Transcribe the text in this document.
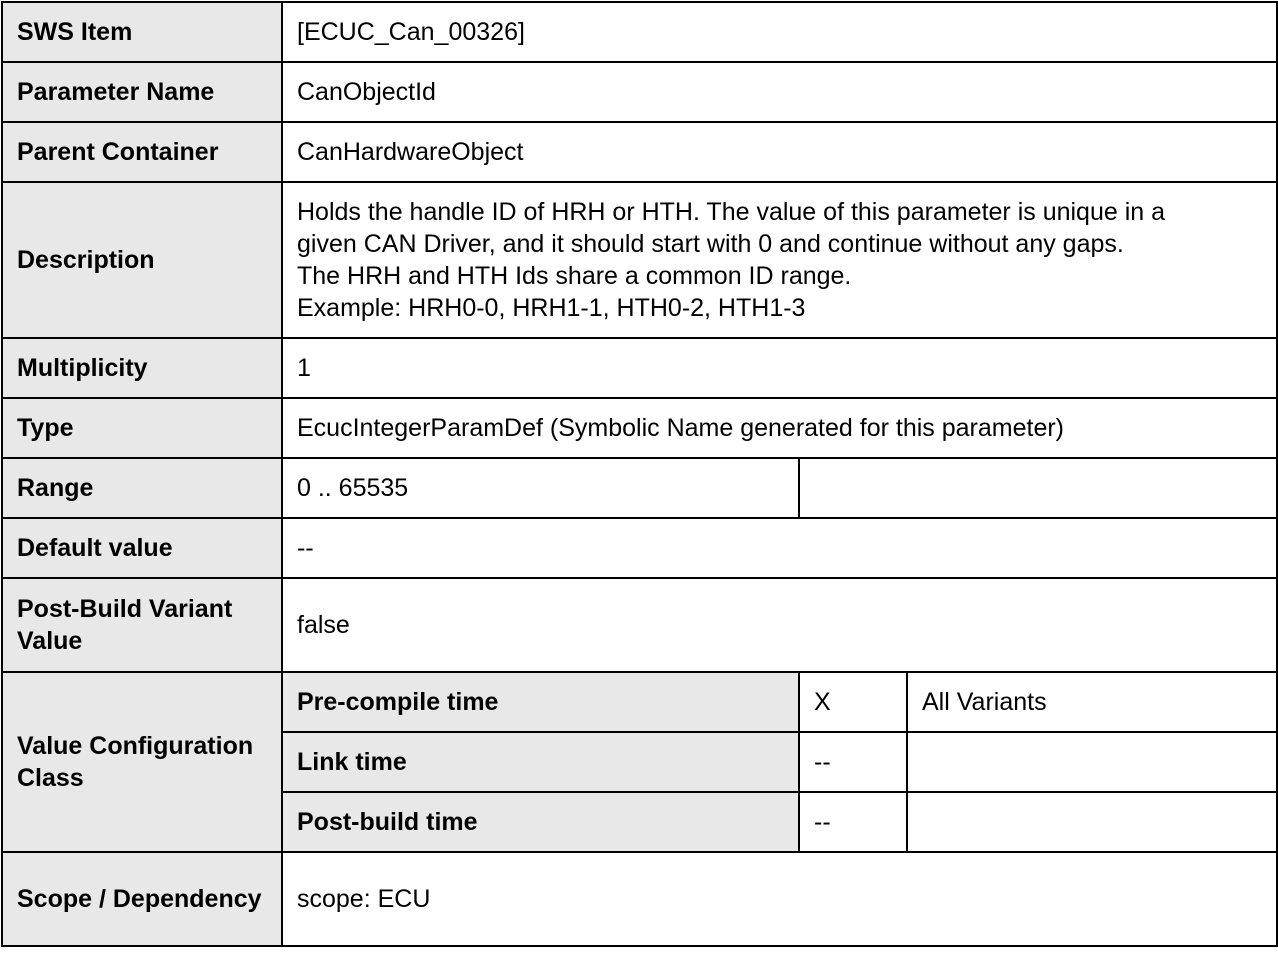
SWS Item	[ECUC_Can_00326]		
Parameter Name	CanObjectId		
Parent Container	CanHardwareObject		
Description	Holds the handle ID of HRH or HTH. The value of this parameter is unique in a
given CAN Driver, and it should start with 0 and continue without any gaps.
The HRH and HTH Ids share a common ID range.
Example: HRH0-0, HRH1-1, HTH0-2, HTH1-3		

Multiplicity	1		
Type	EcucIntegerParamDef (Symbolic Name generated for this parameter)		
Range	0 .. 65535		
Default value	--		
Post-Build Variant Value	false		
Value Configuration Class	Pre-compile time	X	All Variants
	Link time	--	
	Post-build time	--	
Scope / Dependency	scope: ECU		
